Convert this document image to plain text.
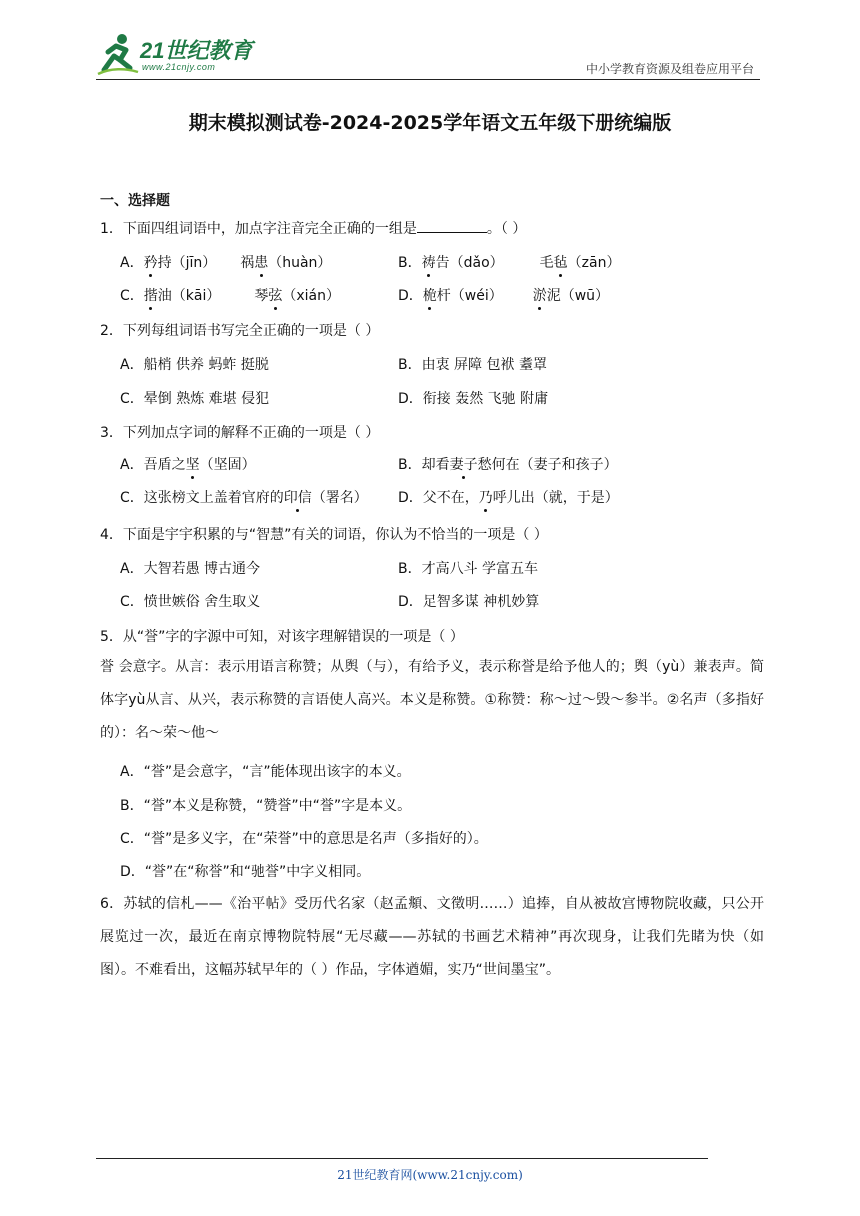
21世纪教育
www.21cnjy.com	中小学教育资源及组卷应用平台
期末模拟测试卷-2024-2025学年语文五年级下册统编版
一、选择题
1．下面四组词语中，加点字注音完全正确的一组是	。（ ）
A．矜持（jīn） 祸患（huàn）	B．祷告（dǎo）	毛毡（zān）
C．揩油（kāi） 琴弦（xián）	D．桅杆（wéi） 淤泥（wū）
2．下列每组词语书写完全正确的一项是（ ）
A．船梢 供养 蚂蚱 挺脱	B．由衷 屏障 包袱 耋罩
C．晕倒 熟炼 难堪 侵犯	D．衔接 轰然 飞驰 附庸
3．下列加点字词的解释不正确的一项是（ ）
A．吾盾之坚（坚固）	B．却看妻子愁何在（妻子和孩子）
C．这张榜文上盖着官府的印信（署名） D．父不在，乃呼儿出（就，于是）
4．下面是宇宇积累的与“智慧”有关的词语，你认为不恰当的一项是（ ）
A．大智若愚 博古通今	B．才高八斗 学富五车
C．愤世嫉俗 舍生取义	D．足智多谋 神机妙算
5．从“誉”字的字源中可知，对该字理解错误的一项是（ ）
誉 会意字。从言：表示用语言称赞；从舆（与），有给予义，表示称誉是给予他人的；舆（yù）兼表声。简体字yù从言、从兴，表示称赞的言语使人高兴。本义是称赞。①称赞：称～过～毁～参半。②名声（多指好的）：名～荣～他～
A．“誉”是会意字，“言”能体现出该字的本义。
B．“誉”本义是称赞，“赞誉”中“誉”字是本义。
C．“誉”是多义字，在“荣誉”中的意思是名声（多指好的）。
D．“誉”在“称誉”和“驰誉”中字义相同。
6．苏轼的信札——《治平帖》受历代名家（赵孟頫、文徵明……）追捧，自从被故宫博物院收藏，只公开展览过一次，最近在南京博物院特展“无尽藏——苏轼的书画艺术精神”再次现身，让我们先睹为快（如图）。不难看出，这幅苏轼早年的（ ）作品，字体遒媚，实乃“世间墨宝”。
21世纪教育网(www.21cnjy.com)
